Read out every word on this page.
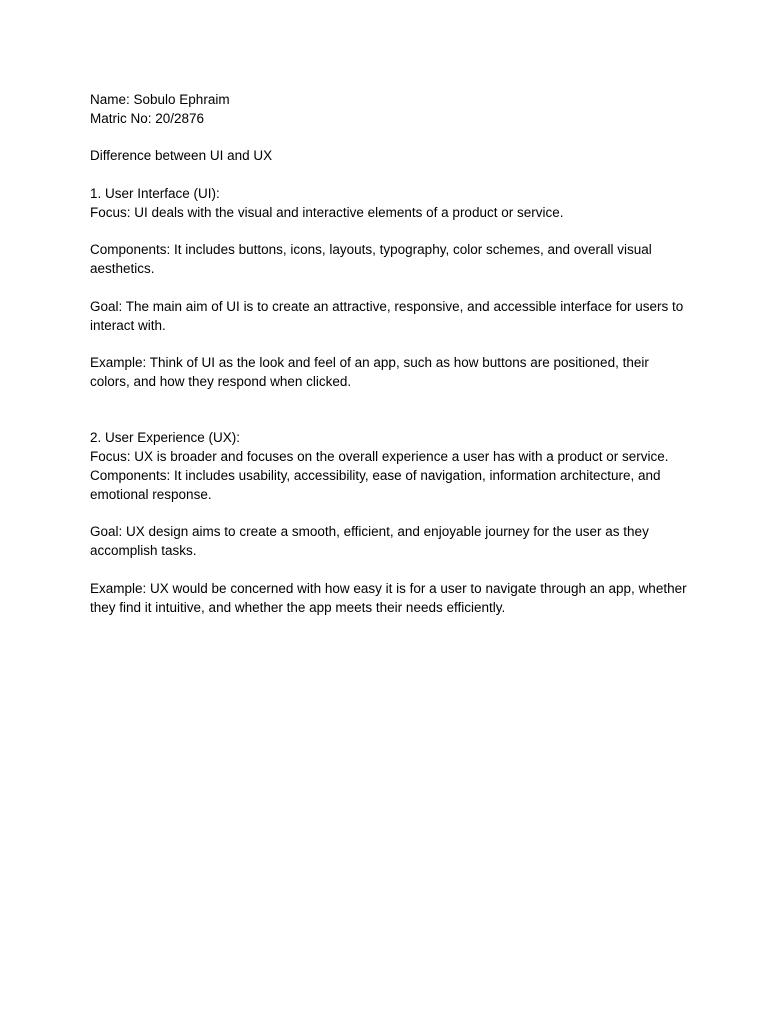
Name: Sobulo Ephraim

Matric No: 20/2876

Difference between UI and UX

1. User Interface (UI):

Focus: UI deals with the visual and interactive elements of a product or service.

Components: It includes buttons, icons, layouts, typography, color schemes, and overall visual aesthetics.

Goal: The main aim of UI is to create an attractive, responsive, and accessible interface for users to interact with.

Example: Think of UI as the look and feel of an app, such as how buttons are positioned, their colors, and how they respond when clicked.

2. User Experience (UX):

Focus: UX is broader and focuses on the overall experience a user has with a product or service.

Components: It includes usability, accessibility, ease of navigation, information architecture, and emotional response.

Goal: UX design aims to create a smooth, efficient, and enjoyable journey for the user as they accomplish tasks.

Example: UX would be concerned with how easy it is for a user to navigate through an app, whether they find it intuitive, and whether the app meets their needs efficiently.
